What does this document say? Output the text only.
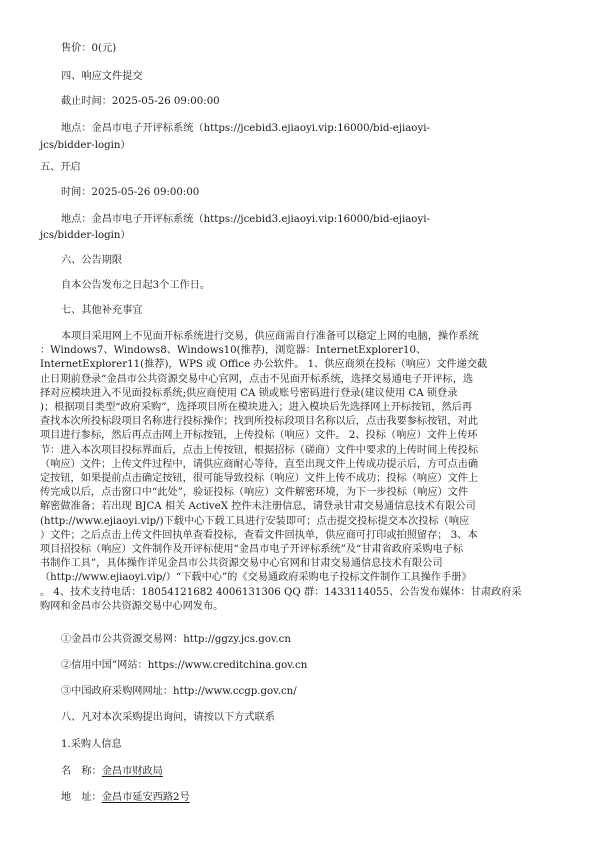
售价：0(元)
四、响应文件提交
截止时间：2025-05-26 09:00:00
地点：金昌市电子开评标系统（https://jcebid3.ejiaoyi.vip:16000/bid-ejiaoyi-
jcs/bidder-login）
五、开启
时间：2025-05-26 09:00:00
地点：金昌市电子开评标系统（https://jcebid3.ejiaoyi.vip:16000/bid-ejiaoyi-
jcs/bidder-login）
六、公告期限
自本公告发布之日起3个工作日。
七、其他补充事宜
本项目采用网上不见面开标系统进行交易，供应商需自行准备可以稳定上网的电脑，操作系统
：Windows7、Windows8、Windows10(推荐)，浏览器：InternetExplorer10、
InternetExplorer11(推荐)，WPS 或 Office 办公软件。 1、供应商须在投标（响应）文件递交截
止日期前登录“金昌市公共资源交易中心官网，点击不见面开标系统，选择交易通电子开评标，选
择对应模块进入不见面投标系统;供应商使用 CA 锁或账号密码进行登录(建议使用 CA 锁登录
)；根据项目类型“政府采购”，选择项目所在模块进入；进入模块后先选择网上开标按钮，然后再
查找本次所投标段项目名称进行投标操作；找到所投标段项目名称以后，点击我要参标按钮，对此
项目进行参标，然后再点击网上开标按钮，上传投标（响应）文件。 2、投标（响应）文件上传环
节：进入本次项目投标界面后，点击上传按钮，根据招标（磋商）文件中要求的上传时间上传投标
（响应）文件；上传文件过程中，请供应商耐心等待，直至出现文件上传成功提示后，方可点击确
定按钮，如果提前点击确定按钮，很可能导致投标（响应）文件上传不成功；投标（响应）文件上
传完成以后，点击窗口中“此处”，验证投标（响应）文件解密环境，为下一步投标（响应）文件
解密做准备；若出现 BJCA 相关 ActiveX 控件未注册信息，请登录甘肃交易通信息技术有限公司
(http://www.ejiaoyi.vip/)下载中心下载工具进行安装即可；点击提交投标提交本次投标（响应
）文件；之后点击上传文件回执单查看投标，查看文件回执单，供应商可打印或拍照留存； 3、本
项目招投标（响应）文件制作及开评标使用“金昌市电子开评标系统”及“甘肃省政府采购电子标
书制作工具”，具体操作详见金昌市公共资源交易中心官网和甘肃交易通信息技术有限公司
（http://www.ejiaoyi.vip/）“下载中心”的《交易通政府采购电子投标文件制作工具操作手册》
。 4、技术支持电话：18054121682 4006131306 QQ 群：1433114055、公告发布媒体：甘肃政府采
购网和金昌市公共资源交易中心网发布。
①金昌市公共资源交易网：http://ggzy.jcs.gov.cn
②信用中国”网站：https://www.creditchina.gov.cn
③中国政府采购网网址：http://www.ccgp.gov.cn/
八、凡对本次采购提出询问，请按以下方式联系
1.采购人信息
名　称：金昌市财政局
地　址：金昌市延安西路2号
